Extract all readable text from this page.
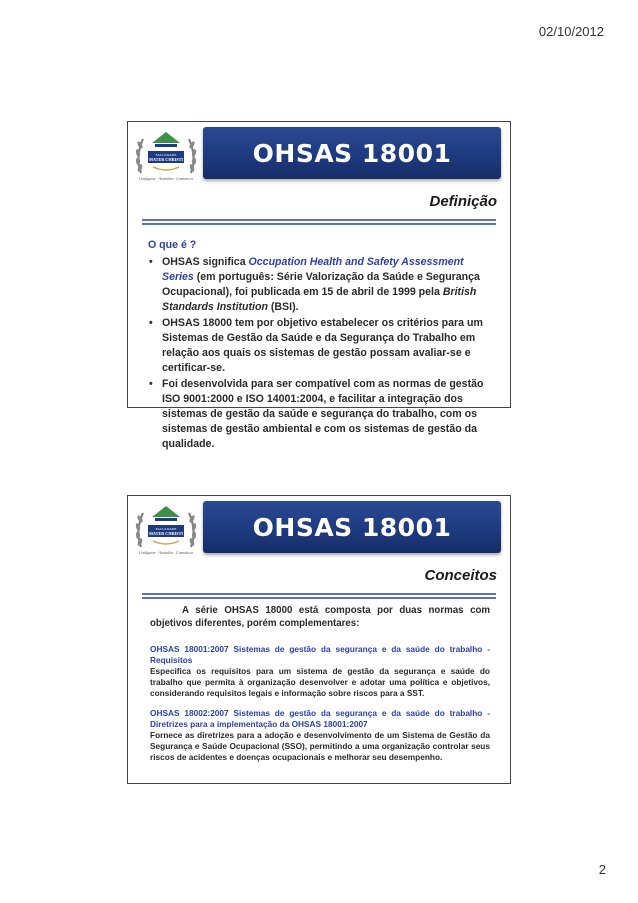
02/10/2012
FACULDADE
MATER CHRISTI
Configurar · Assimilar · Comunicar
OHSAS 18001
Definição
O que é ?
• OHSAS significa Occupation Health and Safety Assessment Series (em português: Série Valorização da Saúde e Segurança Ocupacional), foi publicada em 15 de abril de 1999 pela British Standards Institution (BSI).
• OHSAS 18000 tem por objetivo estabelecer os critérios para um Sistemas de Gestão da Saúde e da Segurança do Trabalho em relação aos quais os sistemas de gestão possam avaliar-se e certificar-se.
• Foi desenvolvida para ser compatível com as normas de gestão ISO 9001:2000 e ISO 14001:2004, e facilitar a integração dos sistemas de gestão da saúde e segurança do trabalho, com os sistemas de gestão ambiental e com os sistemas de gestão da qualidade.
FACULDADE
MATER CHRISTI
Configurar · Assimilar · Comunicar
OHSAS 18001
Conceitos

A série OHSAS 18000 está composta por duas normas com objetivos diferentes, porém complementares:

OHSAS 18001:2007 Sistemas de gestão da segurança e da saúde do trabalho - Requisitos
Especifica os requisitos para um sistema de gestão da segurança e saúde do trabalho que permita à organização desenvolver e adotar uma política e objetivos, considerando requisitos legais e informação sobre riscos para a SST.
OHSAS 18002:2007 Sistemas de gestão da segurança e da saúde do trabalho - Diretrizes para a implementação da OHSAS 18001:2007
Fornece as diretrizes para a adoção e desenvolvimento de um Sistema de Gestão da Segurança e Saúde Ocupacional (SSO), permitindo a uma organização controlar seus riscos de acidentes e doenças ocupacionais e melhorar seu desempenho.
2
